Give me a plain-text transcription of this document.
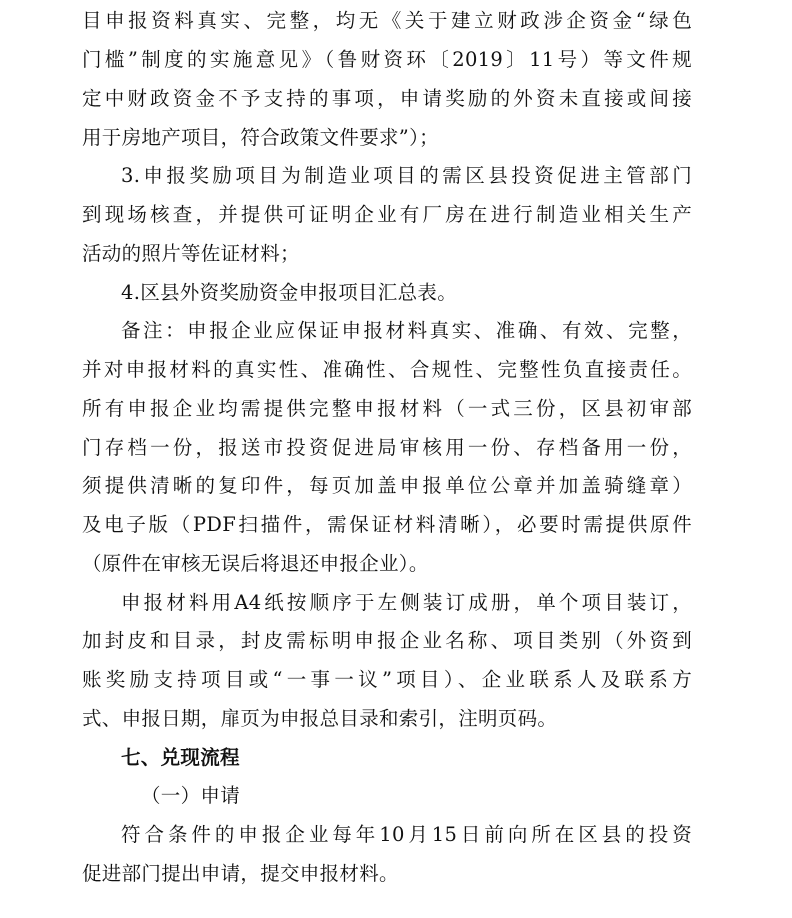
目申报资料真实、完整，均无《关于建立财政涉企资金“绿色
门槛”制度的实施意见》（鲁财资环〔2019〕11号）等文件规
定中财政资金不予支持的事项，申请奖励的外资未直接或间接
用于房地产项目，符合政策文件要求”）；
3.申报奖励项目为制造业项目的需区县投资促进主管部门
到现场核查，并提供可证明企业有厂房在进行制造业相关生产
活动的照片等佐证材料；
4.区县外资奖励资金申报项目汇总表。
备注：申报企业应保证申报材料真实、准确、有效、完整，
并对申报材料的真实性、准确性、合规性、完整性负直接责任。
所有申报企业均需提供完整申报材料（一式三份，区县初审部
门存档一份，报送市投资促进局审核用一份、存档备用一份，
须提供清晰的复印件，每页加盖申报单位公章并加盖骑缝章）
及电子版（PDF扫描件，需保证材料清晰），必要时需提供原件
（原件在审核无误后将退还申报企业）。
申报材料用A4纸按顺序于左侧装订成册，单个项目装订，
加封皮和目录，封皮需标明申报企业名称、项目类别（外资到
账奖励支持项目或“一事一议”项目）、企业联系人及联系方
式、申报日期，扉页为申报总目录和索引，注明页码。
七、兑现流程
（一）申请
符合条件的申报企业每年10月15日前向所在区县的投资
促进部门提出申请，提交申报材料。
